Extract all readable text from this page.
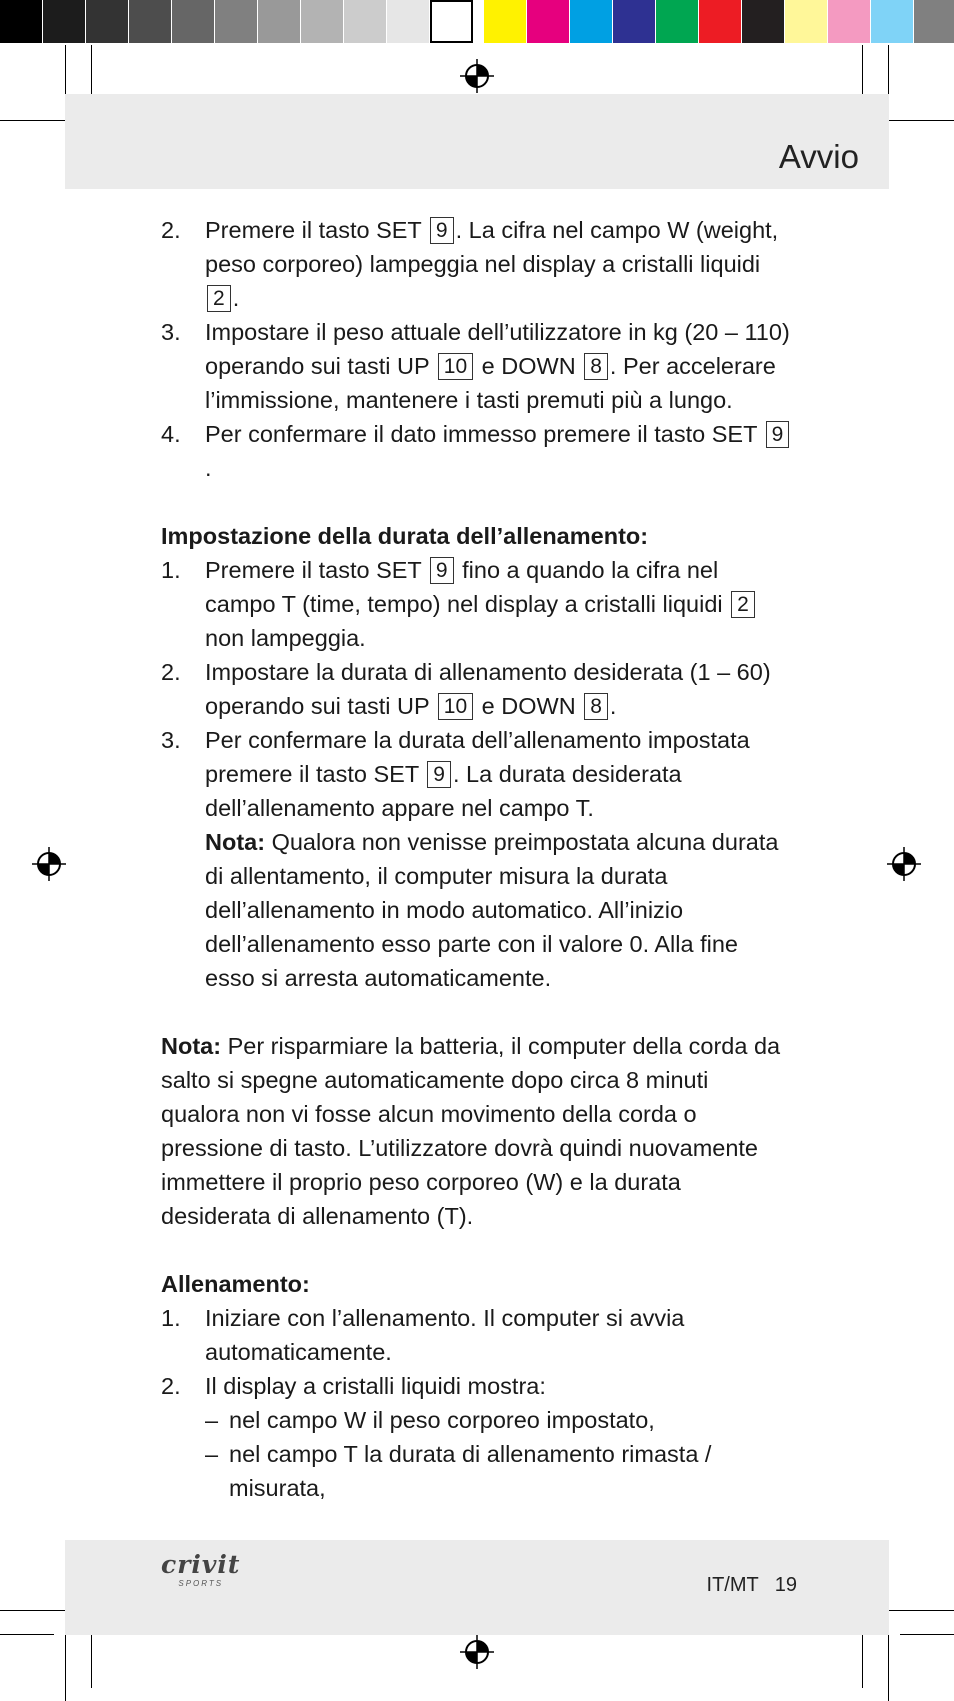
Avvio
2.	Premere il tasto SET 9 . La cifra nel campo W (weight, peso corporeo) lampeggia nel display a cristalli liquidi 2 .
3.	Impostare il peso attuale dell’utilizzatore in kg (20 – 110) operando sui tasti UP 10 e DOWN 8 . Per accelerare l’immissione, mantenere i tasti premuti più a lungo.
4.	Per confermare il dato immesso premere il tasto SET 9.

Impostazione della durata dell’allenamento:

1.	Premere il tasto SET 9 fino a quando la cifra nel campo T (time, tempo) nel display a cristalli liquidi 2 non lampeggia.
2.	Impostare la durata di allenamento desiderata (1 – 60) operando sui tasti UP 10 e DOWN 8 .
3.	Per confermare la durata dell’allenamento impostata premere il tasto SET 9 . La durata desiderata dell’allenamento appare nel campo T.
Nota: Qualora non venisse preimpostata alcuna durata di allentamento, il computer misura la durata dell’allenamento in modo automatico. All’inizio dell’allenamento esso parte con il valore 0. Alla fine esso si arresta automaticamente.

Nota: Per risparmiare la batteria, il computer della corda da salto si spegne automaticamente dopo circa 8 minuti qualora non vi fosse alcun movimento della corda o pressione di tasto. L’utilizzatore dovrà quindi nuovamente immettere il proprio peso corporeo (W) e la durata desiderata di allenamento (T).

Allenamento:

1.	Iniziare con l’allenamento. Il computer si avvia automaticamente.
2.	Il display a cristalli liquidi mostra:
– nel campo W il peso corporeo impostato,
– nel campo T la durata di allenamento rimasta / misurata,
crivit
SPORTS	IT/MT 19
